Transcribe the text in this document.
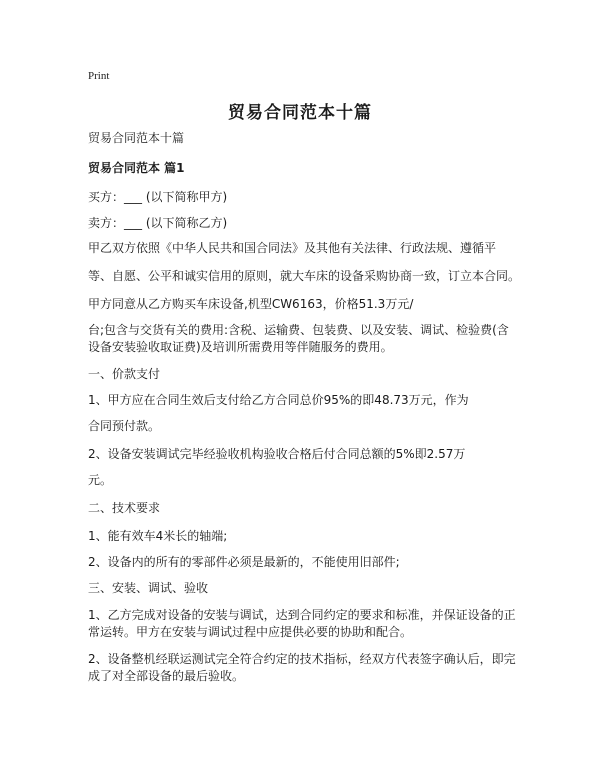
Print
贸易合同范本十篇
贸易合同范本十篇
贸易合同范本 篇1
买方：___ (以下简称甲方)
卖方：___ (以下简称乙方)
甲乙双方依照《中华人民共和国合同法》及其他有关法律、行政法规、遵循平
等、自愿、公平和诚实信用的原则，就大车床的设备采购协商一致，订立本合同。
甲方同意从乙方购买车床设备,机型CW6163，价格51.3万元/
台;包含与交货有关的费用:含税、运输费、包装费、以及安装、调试、检验费(含设备安装验收取证费)及培训所需费用等伴随服务的费用。
一、价款支付
1、甲方应在合同生效后支付给乙方合同总价95%的即48.73万元，作为
合同预付款。
2、设备安装调试完毕经验收机构验收合格后付合同总额的5%即2.57万
元。
二、技术要求
1、能有效车4米长的轴端;
2、设备内的所有的零部件必须是最新的，不能使用旧部件;
三、安装、调试、验收
1、乙方完成对设备的安装与调试，达到合同约定的要求和标准，并保证设备的正常运转。甲方在安装与调试过程中应提供必要的协助和配合。
2、设备整机经联运测试完全符合约定的技术指标，经双方代表签字确认后，即完成了对全部设备的最后验收。
